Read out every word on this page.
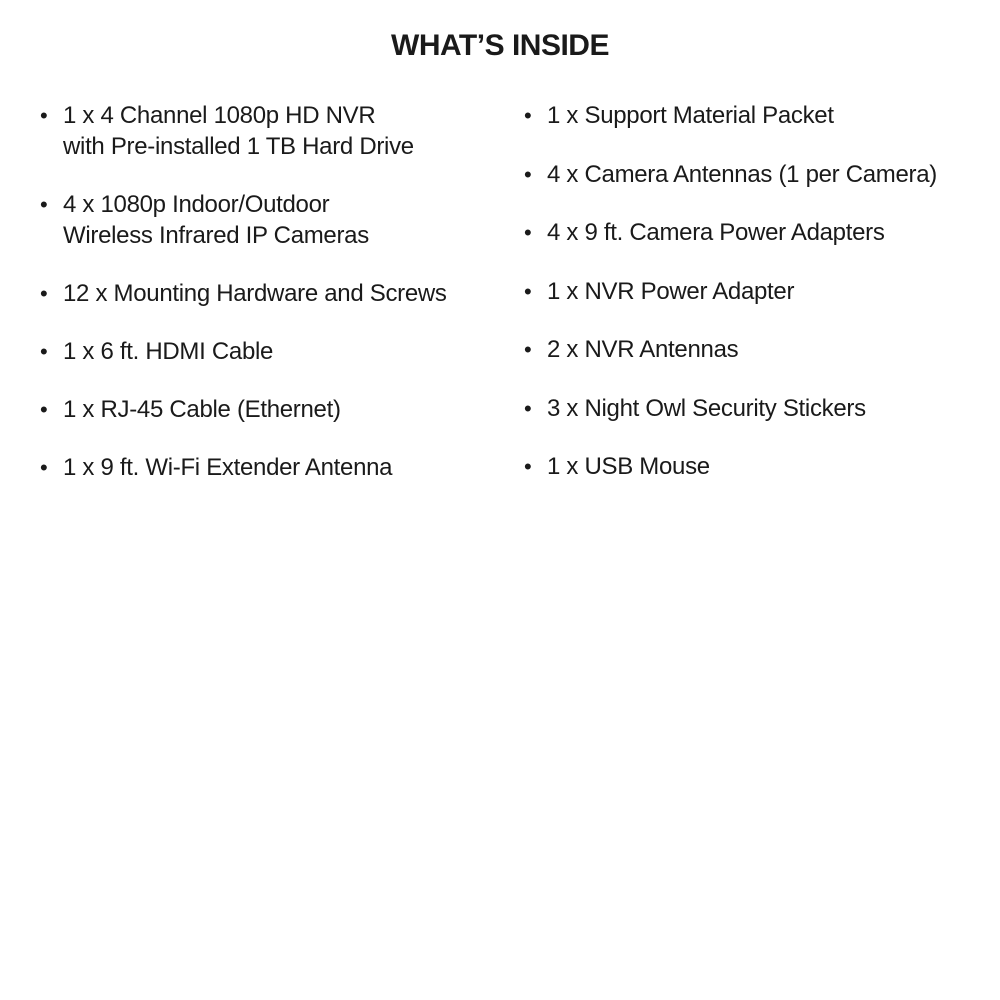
WHAT’S INSIDE
• 1 x 4 Channel 1080p HD NVR
with Pre-installed 1 TB Hard Drive
• 4 x 1080p Indoor/Outdoor
Wireless Infrared IP Cameras
• 12 x Mounting Hardware and Screws
• 1 x 6 ft. HDMI Cable
• 1 x RJ-45 Cable (Ethernet)
• 1 x 9 ft. Wi-Fi Extender Antenna
• 1 x Support Material Packet
• 4 x Camera Antennas (1 per Camera)
• 4 x 9 ft. Camera Power Adapters
• 1 x NVR Power Adapter
• 2 x NVR Antennas
• 3 x Night Owl Security Stickers
• 1 x USB Mouse
